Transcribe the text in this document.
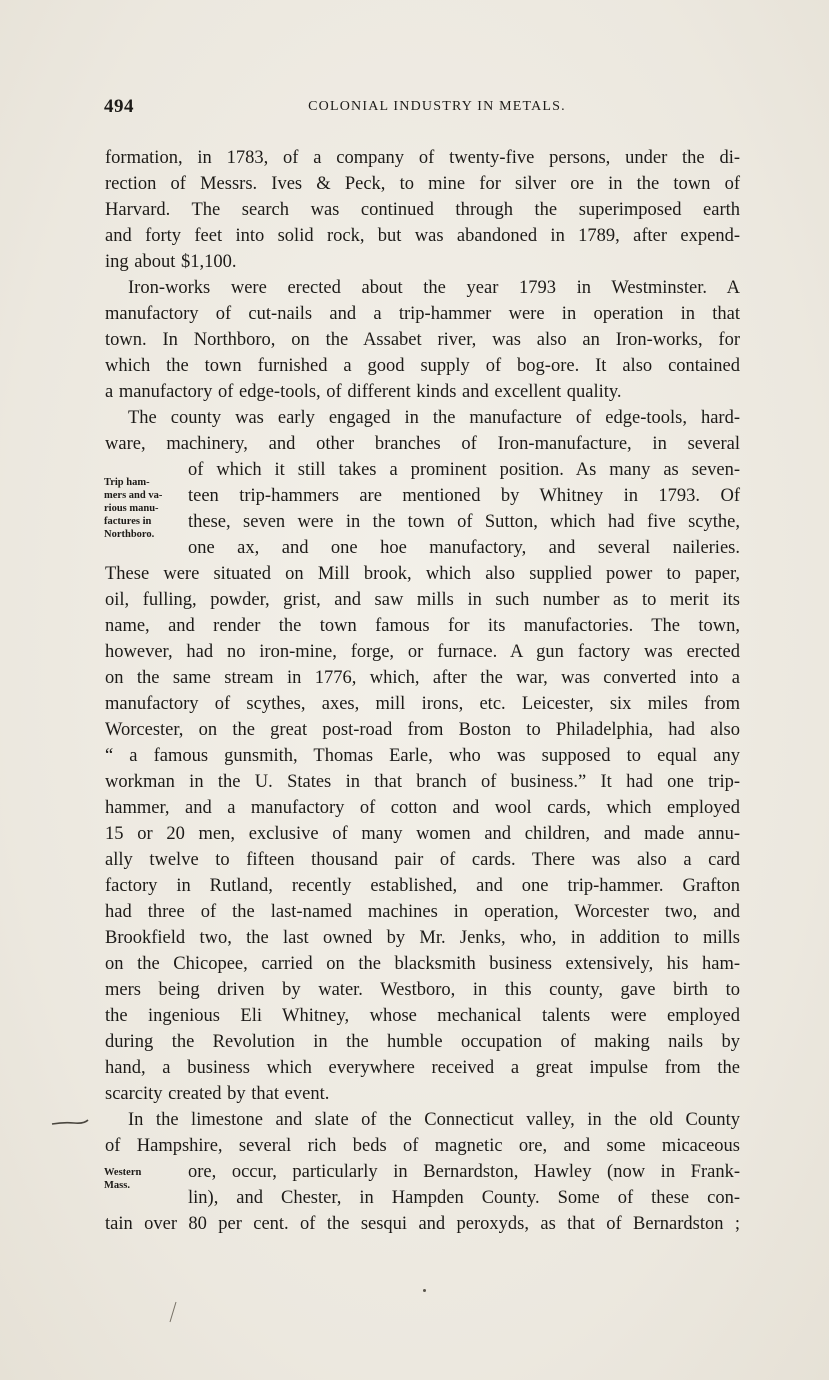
494	COLONIAL INDUSTRY IN METALS.
formation, in 1783, of a company of twenty-five persons, under the di-
rection of Messrs. Ives & Peck, to mine for silver ore in the town of
Harvard. The search was continued through the superimposed earth
and forty feet into solid rock, but was abandoned in 1789, after expend-
ing about $1,100.
Iron-works were erected about the year 1793 in Westminster. A
manufactory of cut-nails and a trip-hammer were in operation in that
town. In Northboro, on the Assabet river, was also an Iron-works, for
which the town furnished a good supply of bog-ore. It also contained
a manufactory of edge-tools, of different kinds and excellent quality.
The county was early engaged in the manufacture of edge-tools, hard-
ware, machinery, and other branches of Iron-manufacture, in several
of which it still takes a prominent position. As many as seven-
teen trip-hammers are mentioned by Whitney in 1793. Of
these, seven were in the town of Sutton, which had five scythe,
one ax, and one hoe manufactory, and several naileries.
These were situated on Mill brook, which also supplied power to paper,
oil, fulling, powder, grist, and saw mills in such number as to merit its
name, and render the town famous for its manufactories. The town,
however, had no iron-mine, forge, or furnace. A gun factory was erected
on the same stream in 1776, which, after the war, was converted into a
manufactory of scythes, axes, mill irons, etc. Leicester, six miles from
Worcester, on the great post-road from Boston to Philadelphia, had also
“ a famous gunsmith, Thomas Earle, who was supposed to equal any
workman in the U. States in that branch of business.” It had one trip-
hammer, and a manufactory of cotton and wool cards, which employed
15 or 20 men, exclusive of many women and children, and made annu-
ally twelve to fifteen thousand pair of cards. There was also a card
factory in Rutland, recently established, and one trip-hammer. Grafton
had three of the last-named machines in operation, Worcester two, and
Brookfield two, the last owned by Mr. Jenks, who, in addition to mills
on the Chicopee, carried on the blacksmith business extensively, his ham-
mers being driven by water. Westboro, in this county, gave birth to
the ingenious Eli Whitney, whose mechanical talents were employed
during the Revolution in the humble occupation of making nails by
hand, a business which everywhere received a great impulse from the
scarcity created by that event.
In the limestone and slate of the Connecticut valley, in the old County
of Hampshire, several rich beds of magnetic ore, and some micaceous
ore, occur, particularly in Bernardston, Hawley (now in Frank-
lin), and Chester, in Hampden County. Some of these con-
tain over 80 per cent. of the sesqui and peroxyds, as that of Bernardston ;
Trip ham-
mers and va-
rious manu-
factures in
Northboro.
Western
Mass.
